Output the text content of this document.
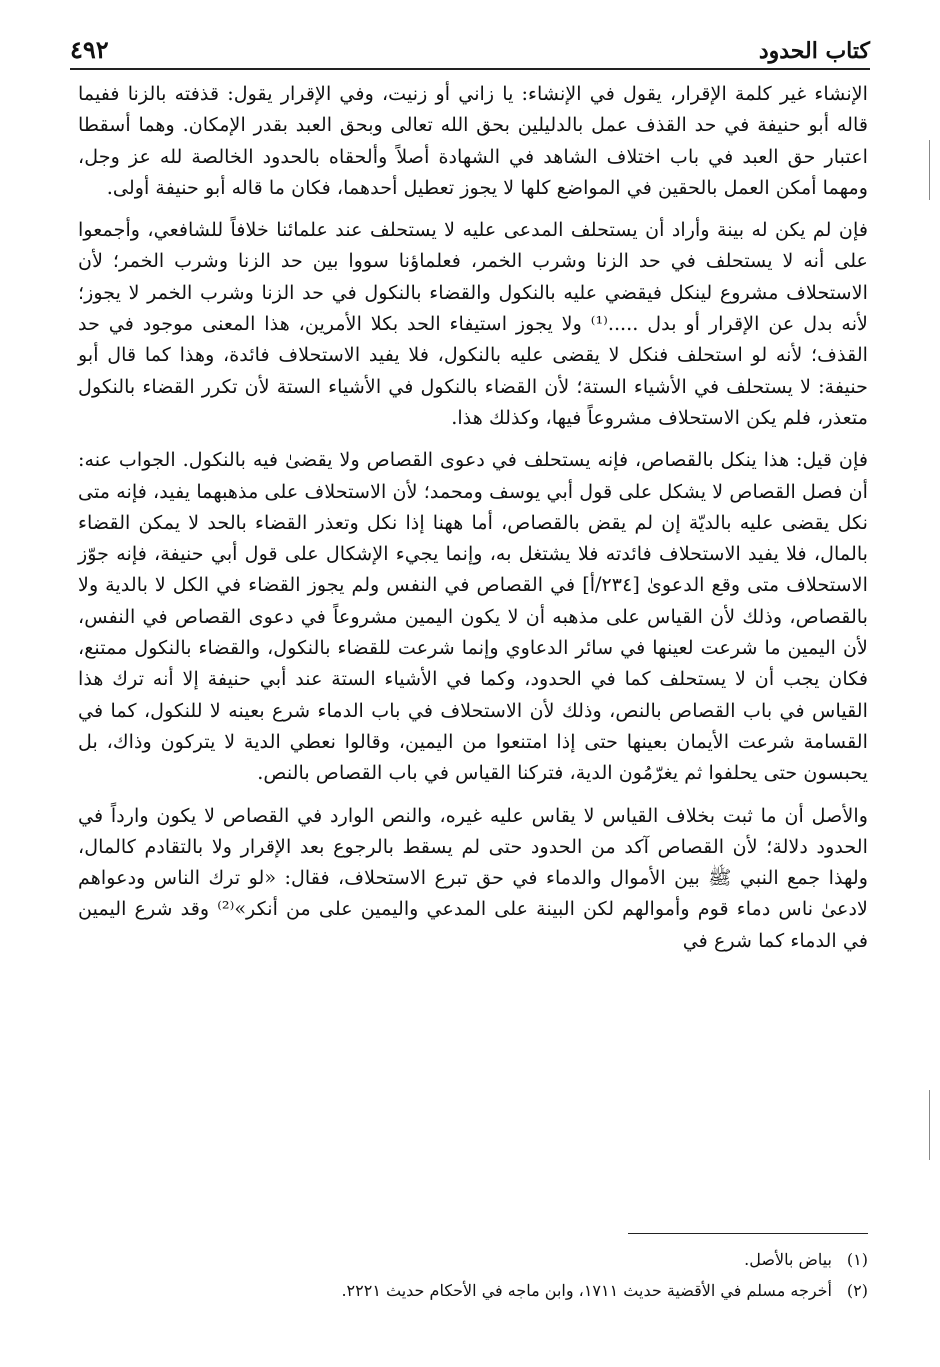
كتاب الحدود
٤٩٢

الإنشاء غير كلمة الإقرار، يقول في الإنشاء: يا زاني أو زنيت، وفي الإقرار يقول: قذفته بالزنا ففيما قاله أبو حنيفة في حد القذف عمل بالدليلين بحق الله تعالى وبحق العبد بقدر الإمكان. وهما أسقطا اعتبار حق العبد في باب اختلاف الشاهد في الشهادة أصلاً وألحقاه بالحدود الخالصة لله عز وجل، ومهما أمكن العمل بالحقين في المواضع كلها لا يجوز تعطيل أحدهما، فكان ما قاله أبو حنيفة أولى.

فإن لم يكن له بينة وأراد أن يستحلف المدعى عليه لا يستحلف عند علمائنا خلافاً للشافعي، وأجمعوا على أنه لا يستحلف في حد الزنا وشرب الخمر، فعلماؤنا سووا بين حد الزنا وشرب الخمر؛ لأن الاستحلاف مشروع لينكل فيقضي عليه بالنكول والقضاء بالنكول في حد الزنا وشرب الخمر لا يجوز؛ لأنه بدل عن الإقرار أو بدل .....⁽¹⁾ ولا يجوز استيفاء الحد بكلا الأمرين، هذا المعنى موجود في حد القذف؛ لأنه لو استحلف فنكل لا يقضى عليه بالنكول، فلا يفيد الاستحلاف فائدة، وهذا كما قال أبو حنيفة: لا يستحلف في الأشياء الستة؛ لأن القضاء بالنكول في الأشياء الستة لأن تكرر القضاء بالنكول متعذر، فلم يكن الاستحلاف مشروعاً فيها، وكذلك هذا.

فإن قيل: هذا ينكل بالقصاص، فإنه يستحلف في دعوى القصاص ولا يقضىٰ فيه بالنكول. الجواب عنه: أن فصل القصاص لا يشكل على قول أبي يوسف ومحمد؛ لأن الاستحلاف على مذهبهما يفيد، فإنه متى نكل يقضى عليه بالديّة إن لم يقض بالقصاص، أما ههنا إذا نكل وتعذر القضاء بالحد لا يمكن القضاء بالمال، فلا يفيد الاستحلاف فائدته فلا يشتغل به، وإنما يجيء الإشكال على قول أبي حنيفة، فإنه جوّز الاستحلاف متى وقع الدعوىٰ [٢٣٤/أ] في القصاص في النفس ولم يجوز القضاء في الكل لا بالدية ولا بالقصاص، وذلك لأن القياس على مذهبه أن لا يكون اليمين مشروعاً في دعوى القصاص في النفس، لأن اليمين ما شرعت لعينها في سائر الدعاوي وإنما شرعت للقضاء بالنكول، والقضاء بالنكول ممتنع، فكان يجب أن لا يستحلف كما في الحدود، وكما في الأشياء الستة عند أبي حنيفة إلا أنه ترك هذا القياس في باب القصاص بالنص، وذلك لأن الاستحلاف في باب الدماء شرع بعينه لا للنكول، كما في القسامة شرعت الأيمان بعينها حتى إذا امتنعوا من اليمين، وقالوا نعطي الدية لا يتركون وذاك، بل يحبسون حتى يحلفوا ثم يغرّمُون الدية، فتركنا القياس في باب القصاص بالنص.

والأصل أن ما ثبت بخلاف القياس لا يقاس عليه غيره، والنص الوارد في القصاص لا يكون وارداً في الحدود دلالة؛ لأن القصاص آكد من الحدود حتى لم يسقط بالرجوع بعد الإقرار ولا بالتقادم كالمال، ولهذا جمع النبي ﷺ بين الأموال والدماء في حق تبرع الاستحلاف، فقال: «لو ترك الناس ودعواهم لادعىٰ ناس دماء قوم وأموالهم لكن البينة على المدعي واليمين على من أنكر»⁽²⁾ وقد شرع اليمين في الدماء كما شرع في

(١)
بياض بالأصل.
(٢)
أخرجه مسلم في الأقضية حديث ١٧١١، وابن ماجه في الأحكام حديث ٢٢٢١.
